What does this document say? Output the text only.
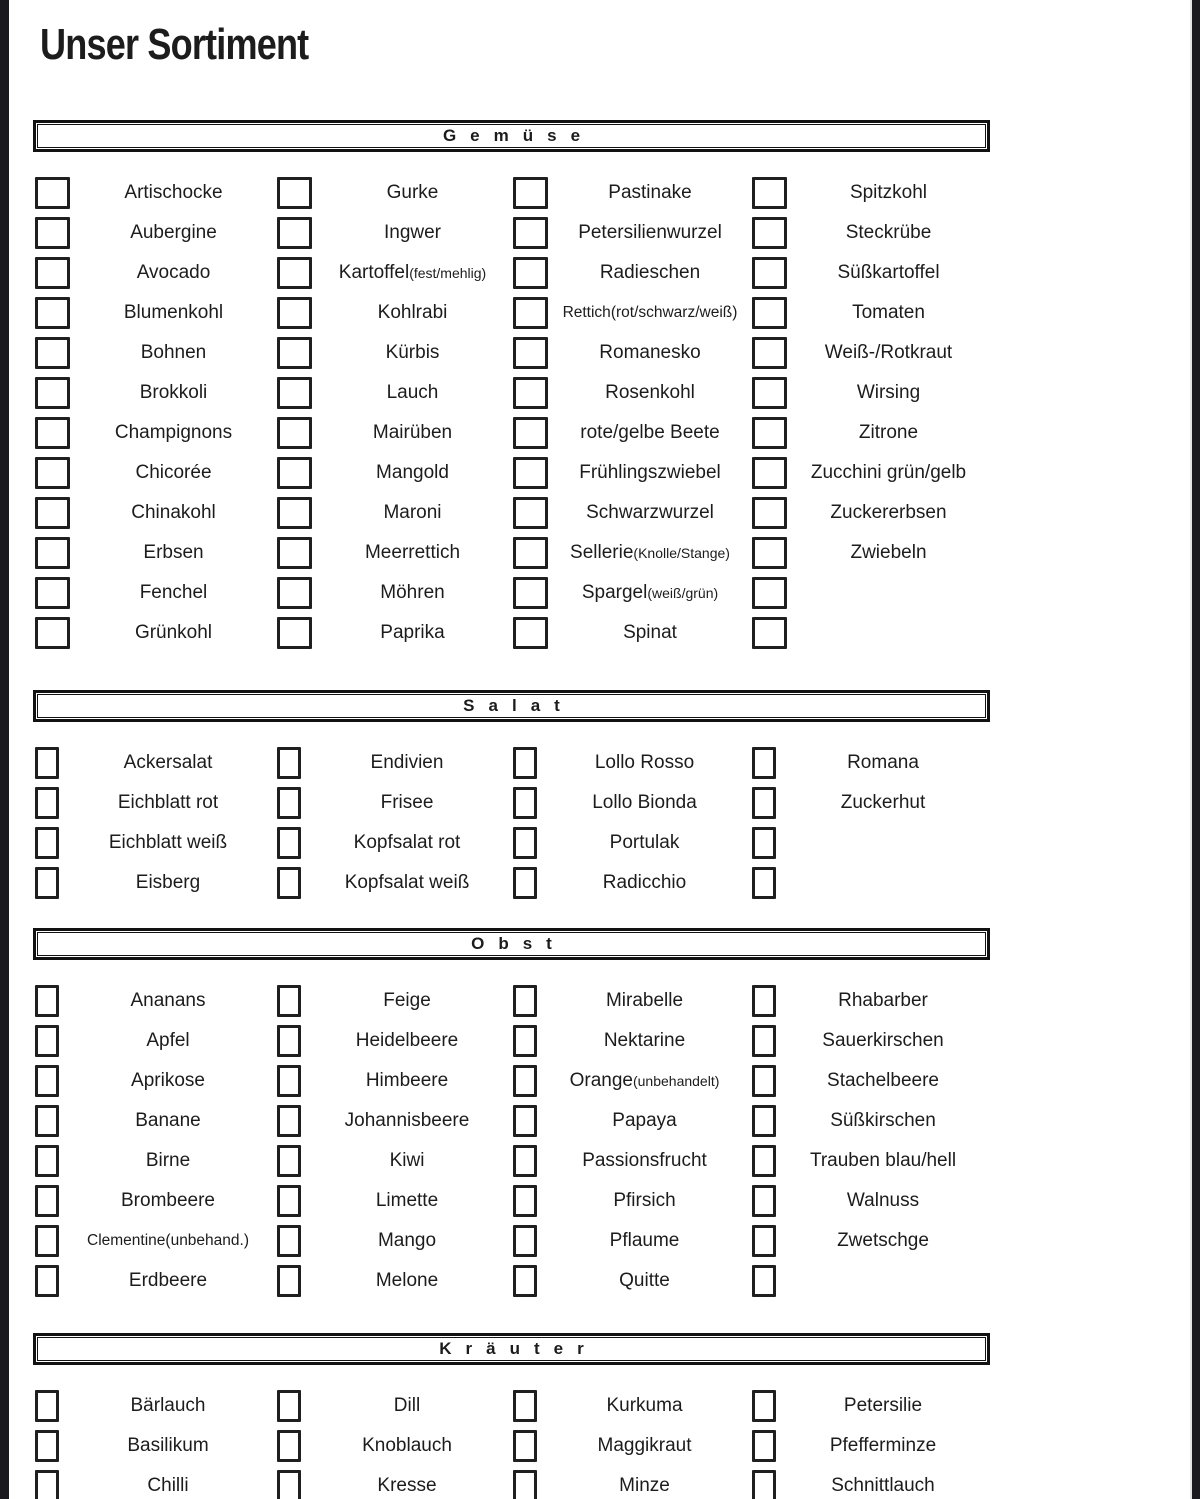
Unser Sortiment
Gemüse
Artischocke
Aubergine
Avocado
Blumenkohl
Bohnen
Brokkoli
Champignons
Chicorée
Chinakohl
Erbsen
Fenchel
Grünkohl
Gurke
Ingwer
Kartoffel(fest/mehlig)
Kohlrabi
Kürbis
Lauch
Mairüben
Mangold
Maroni
Meerrettich
Möhren
Paprika
Pastinake
Petersilienwurzel
Radieschen
Rettich(rot/schwarz/weiß)
Romanesko
Rosenkohl
rote/gelbe Beete
Frühlingszwiebel
Schwarzwurzel
Sellerie(Knolle/Stange)
Spargel(weiß/grün)
Spinat
Spitzkohl
Steckrübe
Süßkartoffel
Tomaten
Weiß-/Rotkraut
Wirsing
Zitrone
Zucchini grün/gelb
Zuckererbsen
Zwiebeln
Salat
Ackersalat
Eichblatt rot
Eichblatt weiß
Eisberg
Endivien
Frisee
Kopfsalat rot
Kopfsalat weiß
Lollo Rosso
Lollo Bionda
Portulak
Radicchio
Romana
Zuckerhut
Obst
Ananans
Apfel
Aprikose
Banane
Birne
Brombeere
Clementine(unbehand.)
Erdbeere
Feige
Heidelbeere
Himbeere
Johannisbeere
Kiwi
Limette
Mango
Melone
Mirabelle
Nektarine
Orange(unbehandelt)
Papaya
Passionsfrucht
Pfirsich
Pflaume
Quitte
Rhabarber
Sauerkirschen
Stachelbeere
Süßkirschen
Trauben blau/hell
Walnuss
Zwetschge
Kräuter
Bärlauch
Basilikum
Chilli
Dill
Knoblauch
Kresse
Kurkuma
Maggikraut
Minze
Petersilie
Pfefferminze
Schnittlauch
